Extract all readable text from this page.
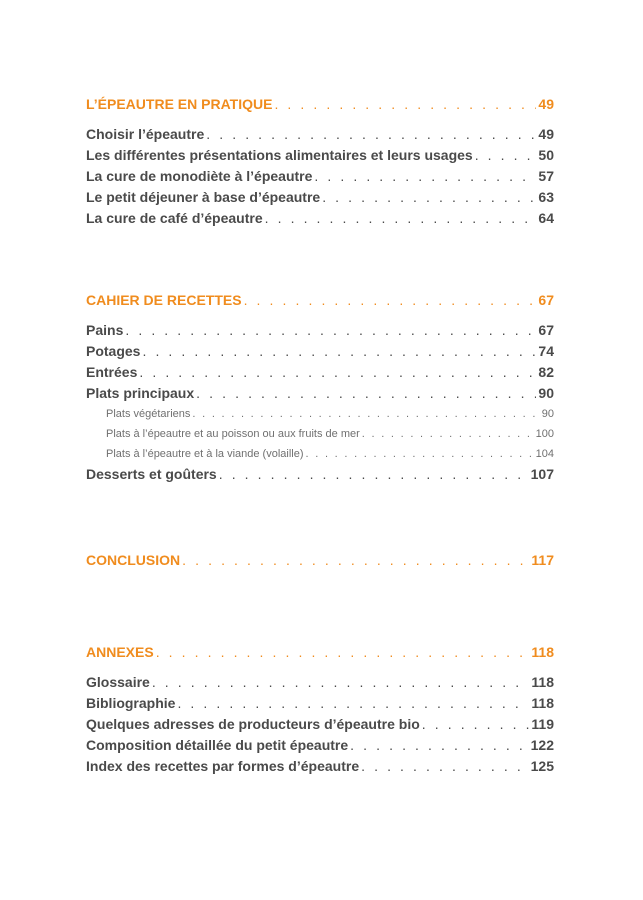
L’ÉPEAUTRE EN PRATIQUE . . .	49
Choisir l’épeautre . . .	49
Les différentes présentations alimentaires et leurs usages . . .	50
La cure de monodiète à l’épeautre . . .	57
Le petit déjeuner à base d’épeautre . . .	63
La cure de café d’épeautre . . .	64
CAHIER DE RECETTES . . .	67
Pains . . .	67
Potages . . .	74
Entrées . . .	82
Plats principaux . . .	90
Plats végétariens . . .	90
Plats à l’épeautre et au poisson ou aux fruits de mer . . .	100
Plats à l’épeautre et à la viande (volaille) . . .	104
Desserts et goûters . . .	107
CONCLUSION . . .	117
ANNEXES . . .	118
Glossaire . . .	118
Bibliographie . . .	118
Quelques adresses de producteurs d’épeautre bio . . .	119
Composition détaillée du petit épeautre . . .	122
Index des recettes par formes d’épeautre . . .	125
